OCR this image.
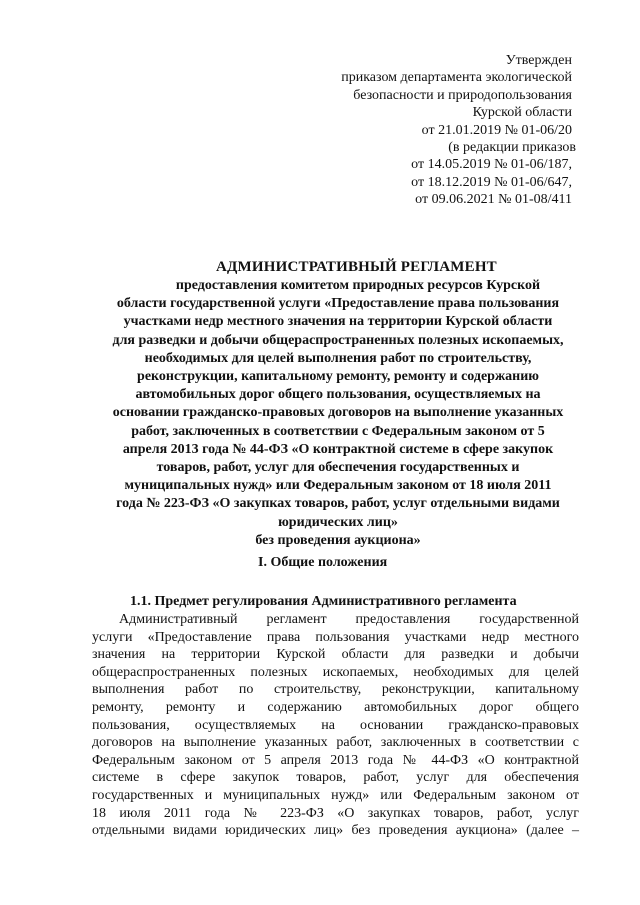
Утвержден
приказом департамента экологической
безопасности и природопользования
Курской области
от 21.01.2019 № 01-06/20
(в редакции приказов
от 14.05.2019 № 01-06/187,
от 18.12.2019 № 01-06/647,
от 09.06.2021 № 01-08/411
АДМИНИСТРАТИВНЫЙ РЕГЛАМЕНТ
предоставления комитетом природных ресурсов Курской
области государственной услуги «Предоставление права пользования
участками недр местного значения на территории Курской области
для разведки и добычи общераспространенных полезных ископаемых,
необходимых для целей выполнения работ по строительству,
реконструкции, капитальному ремонту, ремонту и содержанию
автомобильных дорог общего пользования, осуществляемых на
основании гражданско-правовых договоров на выполнение указанных
работ, заключенных в соответствии с Федеральным законом от 5
апреля 2013 года № 44-ФЗ «О контрактной системе в сфере закупок
товаров, работ, услуг для обеспечения государственных и
муниципальных нужд» или Федеральным законом от 18 июля 2011
года № 223-ФЗ «О закупках товаров, работ, услуг отдельными видами
юридических лиц»
без проведения аукциона»
I. Общие положения
1.1. Предмет регулирования Административного регламента
Административный регламент предоставления государственной
услуги «Предоставление права пользования участками недр местного
значения на территории Курской области для разведки и добычи
общераспространенных полезных ископаемых, необходимых для целей
выполнения работ по строительству, реконструкции, капитальному
ремонту, ремонту и содержанию автомобильных дорог общего
пользования, осуществляемых на основании гражданско-правовых
договоров на выполнение указанных работ, заключенных в соответствии с
Федеральным законом от 5 апреля 2013 года № 44-ФЗ «О контрактной
системе в сфере закупок товаров, работ, услуг для обеспечения
государственных и муниципальных нужд» или Федеральным законом от
18 июля 2011 года № 223-ФЗ «О закупках товаров, работ, услуг
отдельными видами юридических лиц» без проведения аукциона» (далее –
